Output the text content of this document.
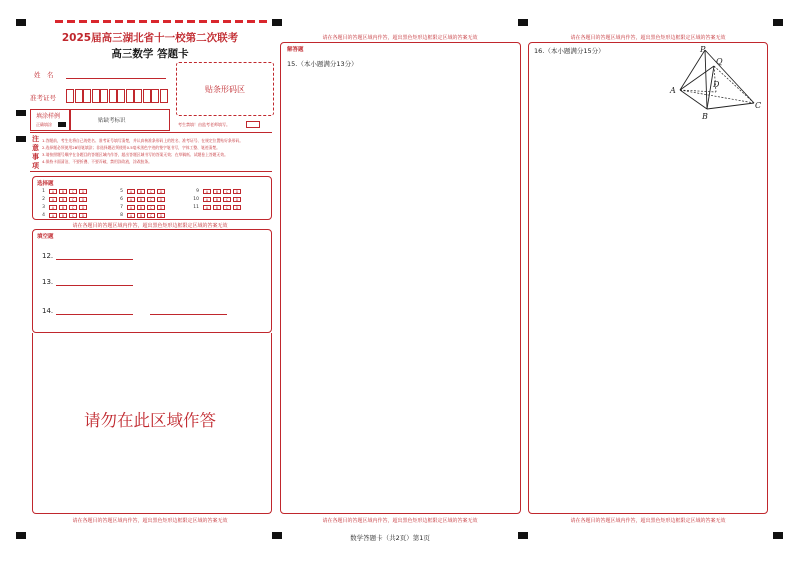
2025届高三湖北省十一校第二次联考
高三数学 答题卡
姓　名
准考证号
贴条形码区
填涂样例
正确填涂
贴缺考标识
考生禁填！由监考老师填写。
注
意
事
项
1.答题前，考生先将自己的姓名、准考证号填写清楚，并认真核准条形码上的姓名、准考证号、在规定位置贴好条形码。
2.选择题必须使用2B铅笔填涂；非选择题必须使用0.5毫米黑色字迹的签字笔书写，字体工整、笔迹清楚。
3.请按照题号顺序在各题目的答题区域内作答，超出答题区域书写的答案无效；在草稿纸、试题卷上答题无效。
4.保持卡面清洁，不要折叠、不要弄破，禁用涂改液，涂改胶条。
选择题
1	A	B	C	D
2	A	B	C	D
3	A	B	C	D
4	A	B	C	D
5	A	B	C	D
6	A	B	C	D
7	A	B	C	D
8	A	B	C	D
9	A	B	C	D
10	A	B	C	D
11	A	B	C	D
请在各题目的答题区域内作答，超出黑色矩形边框限定区域的答案无效
填空题
12.
13.
14.
请勿在此区域作答
请在各题目的答题区域内作答，超出黑色矩形边框限定区域的答案无效
请在各题目的答题区域内作答，超出黑色矩形边框限定区域的答案无效
解答题
15.（本小题满分13分）
请在各题目的答题区域内作答，超出黑色矩形边框限定区域的答案无效
请在各题目的答题区域内作答，超出黑色矩形边框限定区域的答案无效
16.（本小题满分15分）	P
Q
A
D
B
C
请在各题目的答题区域内作答，超出黑色矩形边框限定区域的答案无效
数学答题卡（共2页）第1页
